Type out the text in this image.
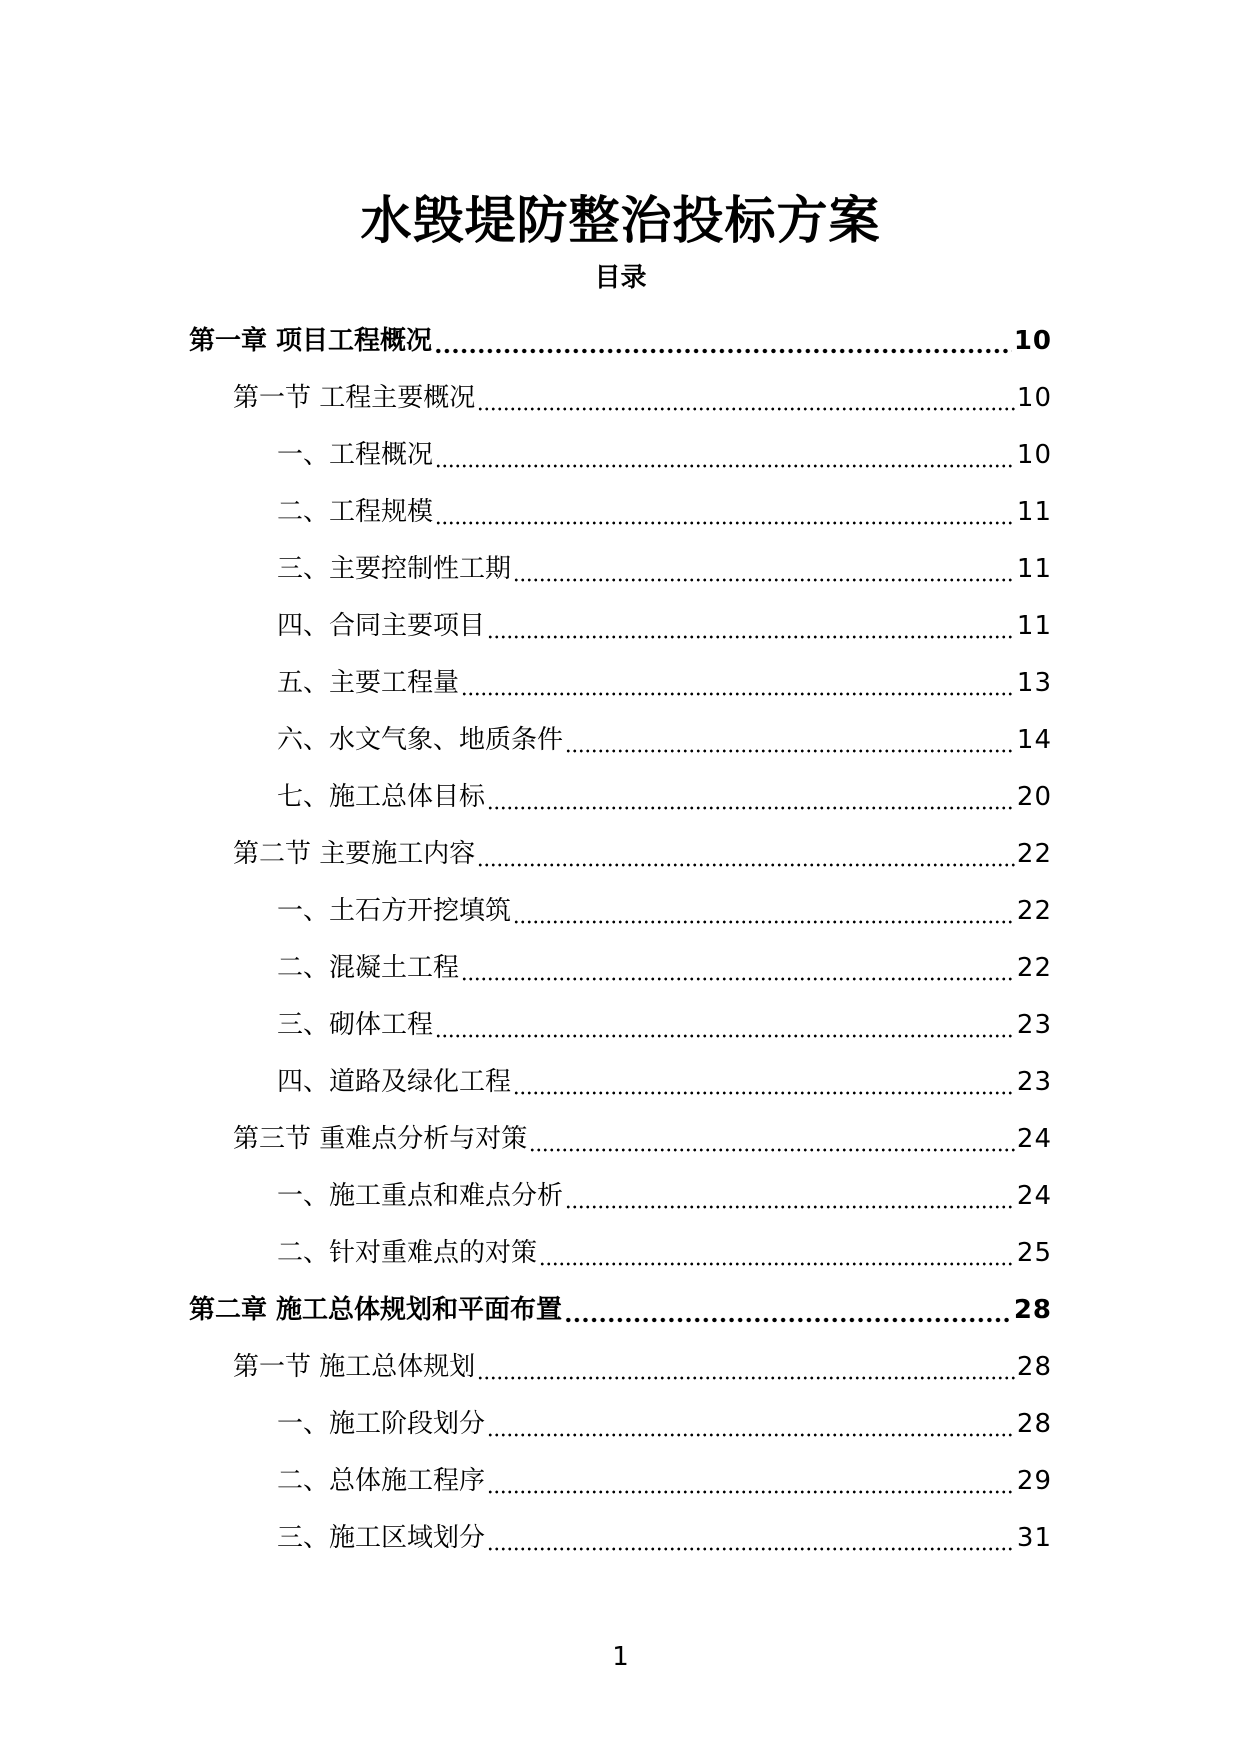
水毁堤防整治投标方案
目录
第一章 项目工程概况	10
第一节 工程主要概况	10
一、工程概况	10
二、工程规模	11
三、主要控制性工期	11
四、合同主要项目	11
五、主要工程量	13
六、水文气象、地质条件	14
七、施工总体目标	20
第二节 主要施工内容	22
一、土石方开挖填筑	22
二、混凝土工程	22
三、砌体工程	23
四、道路及绿化工程	23
第三节 重难点分析与对策	24
一、施工重点和难点分析	24
二、针对重难点的对策	25
第二章 施工总体规划和平面布置	28
第一节 施工总体规划	28
一、施工阶段划分	28
二、总体施工程序	29
三、施工区域划分	31
1
